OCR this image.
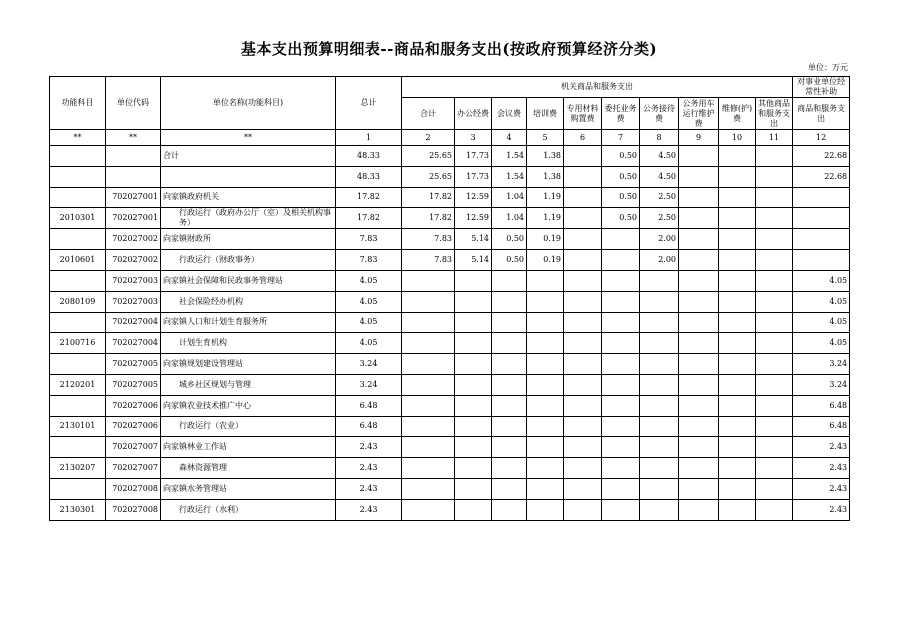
基本支出预算明细表--商品和服务支出(按政府预算经济分类)
单位：万元
功能科目	单位代码	单位名称(功能科目)	总计	机关商品和服务支出										对事业单位经常性补助
				合计	办公经费	会议费	培训费	专用材料购置费	委托业务费	公务接待费	公务用车运行维护费	维修(护)费	其他商品和服务支出	商品和服务支出
**	**	**	1	2	3	4	5	6	7	8	9	10	11	12
		合计	48.33	25.65	17.73	1.54	1.38		0.50	4.50				22.68
			48.33	25.65	17.73	1.54	1.38		0.50	4.50				22.68
	702027001	向家镇政府机关	17.82	17.82	12.59	1.04	1.19		0.50	2.50				
2010301	702027001	行政运行（政府办公厅（室）及相关机构事务）	17.82	17.82	12.59	1.04	1.19		0.50	2.50				
	702027002	向家镇财政所	7.83	7.83	5.14	0.50	0.19			2.00				
2010601	702027002	行政运行（财政事务）	7.83	7.83	5.14	0.50	0.19			2.00				
	702027003	向家镇社会保障和民政事务管理站	4.05											4.05
2080109	702027003	社会保险经办机构	4.05											4.05
	702027004	向家镇人口和计划生育服务所	4.05											4.05
2100716	702027004	计划生育机构	4.05											4.05
	702027005	向家镇规划建设管理站	3.24											3.24
2120201	702027005	城乡社区规划与管理	3.24											3.24
	702027006	向家镇农业技术推广中心	6.48											6.48
2130101	702027006	行政运行（农业）	6.48											6.48
	702027007	向家镇林业工作站	2.43											2.43
2130207	702027007	森林资源管理	2.43											2.43
	702027008	向家镇水务管理站	2.43											2.43
2130301	702027008	行政运行（水利）	2.43											2.43
